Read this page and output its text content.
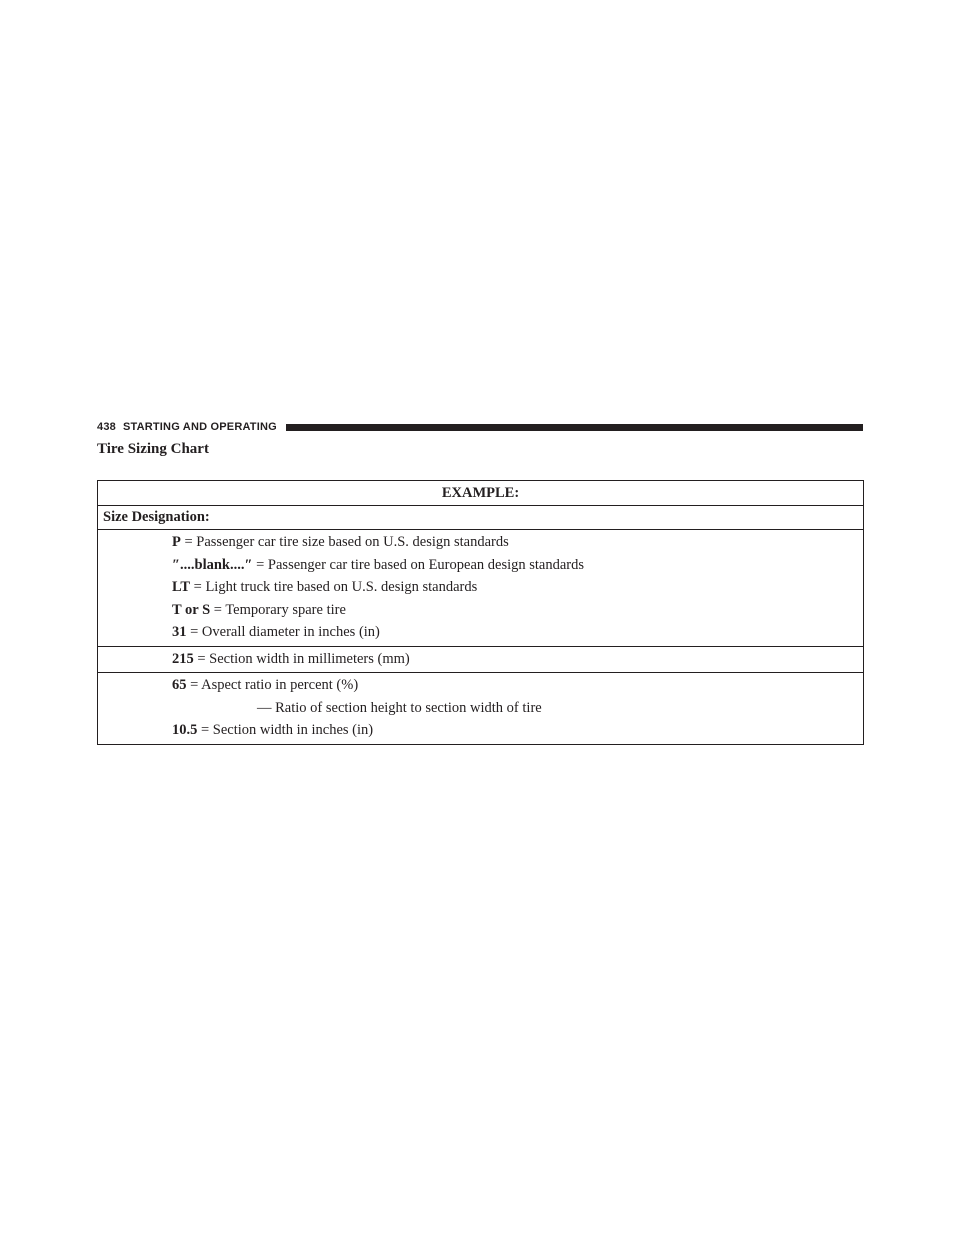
438 STARTING AND OPERATING
Tire Sizing Chart
EXAMPLE:
Size Designation:

P = Passenger car tire size based on U.S. design standards
″....blank....″ = Passenger car tire based on European design standards
LT = Light truck tire based on U.S. design standards
T or S = Temporary spare tire
31 = Overall diameter in inches (in)

215 = Section width in millimeters (mm)

65 = Aspect ratio in percent (%)
— Ratio of section height to section width of tire
10.5 = Section width in inches (in)
